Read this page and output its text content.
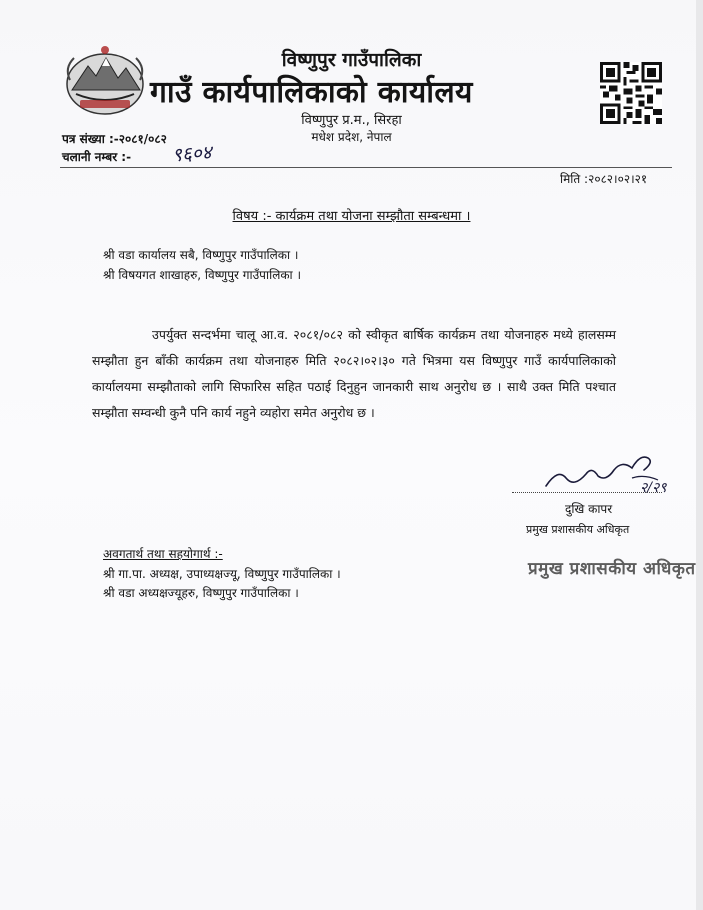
विष्णुपुर गाउँपालिका
गाउँ कार्यपालिकाको कार्यालय
विष्णुपुर प्र.म., सिरहा
मधेश प्रदेश, नेपाल
पत्र संख्या :-२०८१/०८२
चलानी नम्बर :- ९६०४
मिति :२०८२।०२।२१
विषय :- कार्यक्रम तथा योजना सम्झौता सम्बन्धमा ।
श्री वडा कार्यालय सबै, विष्णुपुर गाउँपालिका ।
श्री विषयगत शाखाहरु, विष्णुपुर गाउँपालिका ।
उपर्युक्त सन्दर्भमा चालू आ.व. २०८१/०८२ को स्वीकृत बार्षिक कार्यक्रम तथा योजनाहरु मध्ये हालसम्म सम्झौता हुन बाँकी कार्यक्रम तथा योजनाहरु मिति २०८२।०२।३० गते भित्रमा यस विष्णुपुर गाउँ कार्यपालिकाको कार्यालयमा सम्झौताको लागि सिफारिस सहित पठाई दिनुहुन जानकारी साथ अनुरोध छ । साथै उक्त मिति पश्चात सम्झौता सम्वन्धी कुनै पनि कार्य नहुने व्यहोरा समेत अनुरोध छ ।
२/२९
दुखि कापर
प्रमुख प्रशासकीय अधिकृत
प्रमुख प्रशासकीय अधिकृत
अवगतार्थ तथा सहयोगार्थ :-
श्री गा.पा. अध्यक्ष, उपाध्यक्षज्यू, विष्णुपुर गाउँपालिका ।
श्री वडा अध्यक्षज्यूहरु, विष्णुपुर गाउँपालिका ।
